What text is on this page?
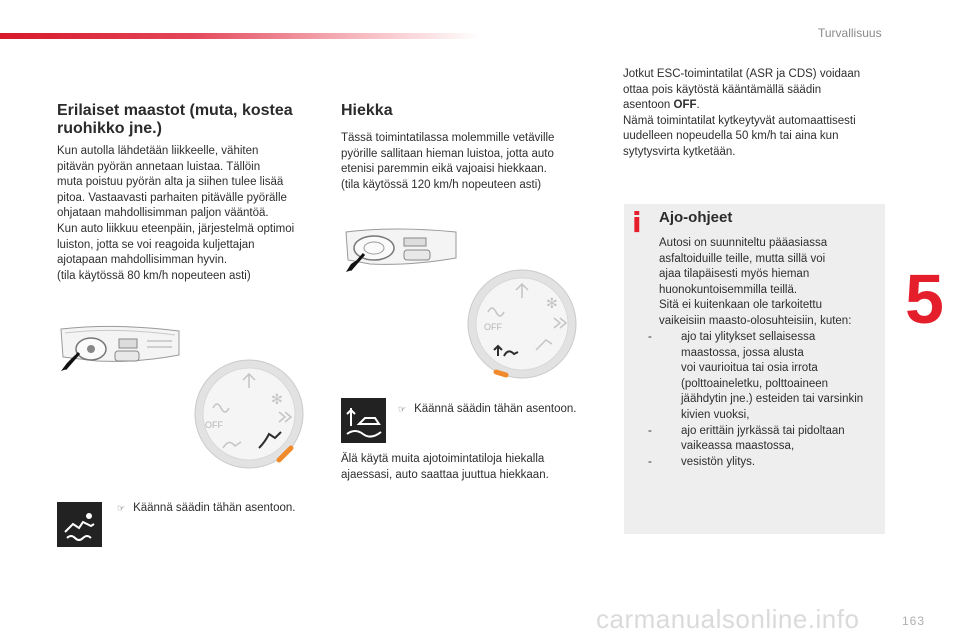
Turvallisuus
5
163
Erilaiset maastot (muta, kostea ruohikko jne.)
Kun autolla lähdetään liikkeelle, vähiten
pitävän pyörän annetaan luistaa. Tällöin
muta poistuu pyörän alta ja siihen tulee lisää
pitoa. Vastaavasti parhaiten pitävälle pyörälle
ohjataan mahdollisimman paljon vääntöä.
Kun auto liikkuu eteenpäin, järjestelmä optimoi
luiston, jotta se voi reagoida kuljettajan
ajotapaan mahdollisimman hyvin.
(tila käytössä 80 km/h nopeuteen asti)
OFF
✻
☞ Käännä säädin tähän asentoon.
Hiekka
Tässä toimintatilassa molemmille vetäville
pyörille sallitaan hieman luistoa, jotta auto
etenisi paremmin eikä vajoaisi hiekkaan.
(tila käytössä 120 km/h nopeuteen asti)
OFF
✻
☞ Käännä säädin tähän asentoon.
Älä käytä muita ajotoimintatiloja hiekalla
ajaessasi, auto saattaa juuttua hiekkaan.
Jotkut ESC-toimintatilat (ASR ja CDS) voidaan
ottaa pois käytöstä kääntämällä säädin
asentoon OFF.
Nämä toimintatilat kytkeytyvät automaattisesti
uudelleen nopeudella 50 km/h tai aina kun
sytytysvirta kytketään.
i Ajo-ohjeet
Autosi on suunniteltu pääasiassa
asfaltoiduille teille, mutta sillä voi
ajaa tilapäisesti myös hieman
huonokuntoisemmilla teillä.
Sitä ei kuitenkaan ole tarkoitettu
vaikeisiin maasto-olosuhteisiin, kuten:
- ajo tai ylitykset sellaisessa
maastossa, jossa alusta
voi vaurioitua tai osia irrota
(polttoaineletku, polttoaineen
jäähdytin jne.) esteiden tai varsinkin
kivien vuoksi,
- ajo erittäin jyrkässä tai pidoltaan
vaikeassa maastossa,
- vesistön ylitys.
carmanualsonline.info
